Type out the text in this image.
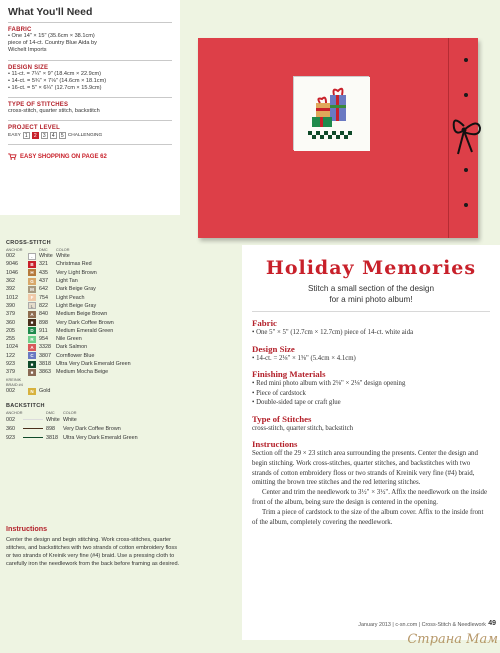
What You'll Need
FABRIC
• One 14" × 15" (35.6cm × 38.1cm)
piece of 14-ct. Country Blue Aida by
Wichelt Imports
DESIGN SIZE
• 11-ct. = 7¼" × 9" (18.4cm × 22.9cm)
• 14-ct. = 5¾" × 7⅛" (14.6cm × 18.1cm)
• 16-ct. = 5" × 6¼" (12.7cm × 15.9cm)
TYPE OF STITCHES
cross-stitch, quarter stitch, backstitch
PROJECT LEVEL
EASY 1	2	3	4	5 CHALLENGING
EASY SHOPPING ON PAGE 62
CROSS-STITCH
ANCHOR	DMC	COLOR
002	·	White White
9046	B 321	Christmas Red
1046	H 435	Very Light Brown
362	G 437	Light Tan
392	M 642	Dark Beige Gray
1012	F	754	Light Peach
390	L	822	Light Beige Gray
379	A 840	Medium Beige Brown
360	■	898	Very Dark Coffee Brown
205	D 911	Medium Emerald Green
255	R 954	Nile Green
1024	A 3328 Dark Salmon
122	C 3807 Cornflower Blue
923	■	3818 Ultra Very Dark Emerald Green
379	■	3863 Medium Mocha Beige
KREINIK
BRAID #4
002	N Gold
BACKSTITCH
ANCHOR	DMC	COLOR
002	White White
360	898	Very Dark Coffee Brown
923	3818 Ultra Very Dark Emerald Green
Instructions

Center the design and begin stitching. Work cross-stitches, quarter stitches, and backstitches with two strands of cotton embroidery floss or two strands of Kreinik very fine (#4) braid. Use a pressing cloth to carefully iron the needlework from the back before framing as desired.

Holiday Memories
Stitch a small section of the design
for a mini photo album!
Fabric
• One 5" × 5" (12.7cm × 12.7cm) piece of 14-ct. white aida
Design Size
• 14-ct. = 2⅛" × 1⅝" (5.4cm × 4.1cm)
Finishing Materials
• Red mini photo album with 2⅛" × 2⅛" design opening
• Piece of cardstock
• Double-sided tape or craft glue
Type of Stitches
cross-stitch, quarter stitch, backstitch
Instructions

Section off the 29 × 23 stitch area surrounding the presents. Center the design and begin stitching. Work cross-stitches, quarter stitches, and backstitches with two strands of cotton embroidery floss or two strands of Kreinik very fine (#4) braid, omitting the brown tree stitches and the red lettering stitches.

Center and trim the needlework to 3½" × 3½". Affix the needlework on the inside front of the album, being sure the design is centered in the opening.

Trim a piece of cardstock to the size of the album cover. Affix to the inside front of the album, completely covering the needlework.

January 2013 | c-sn.com | Cross-Stitch & Needlework 49
Страна Мам
